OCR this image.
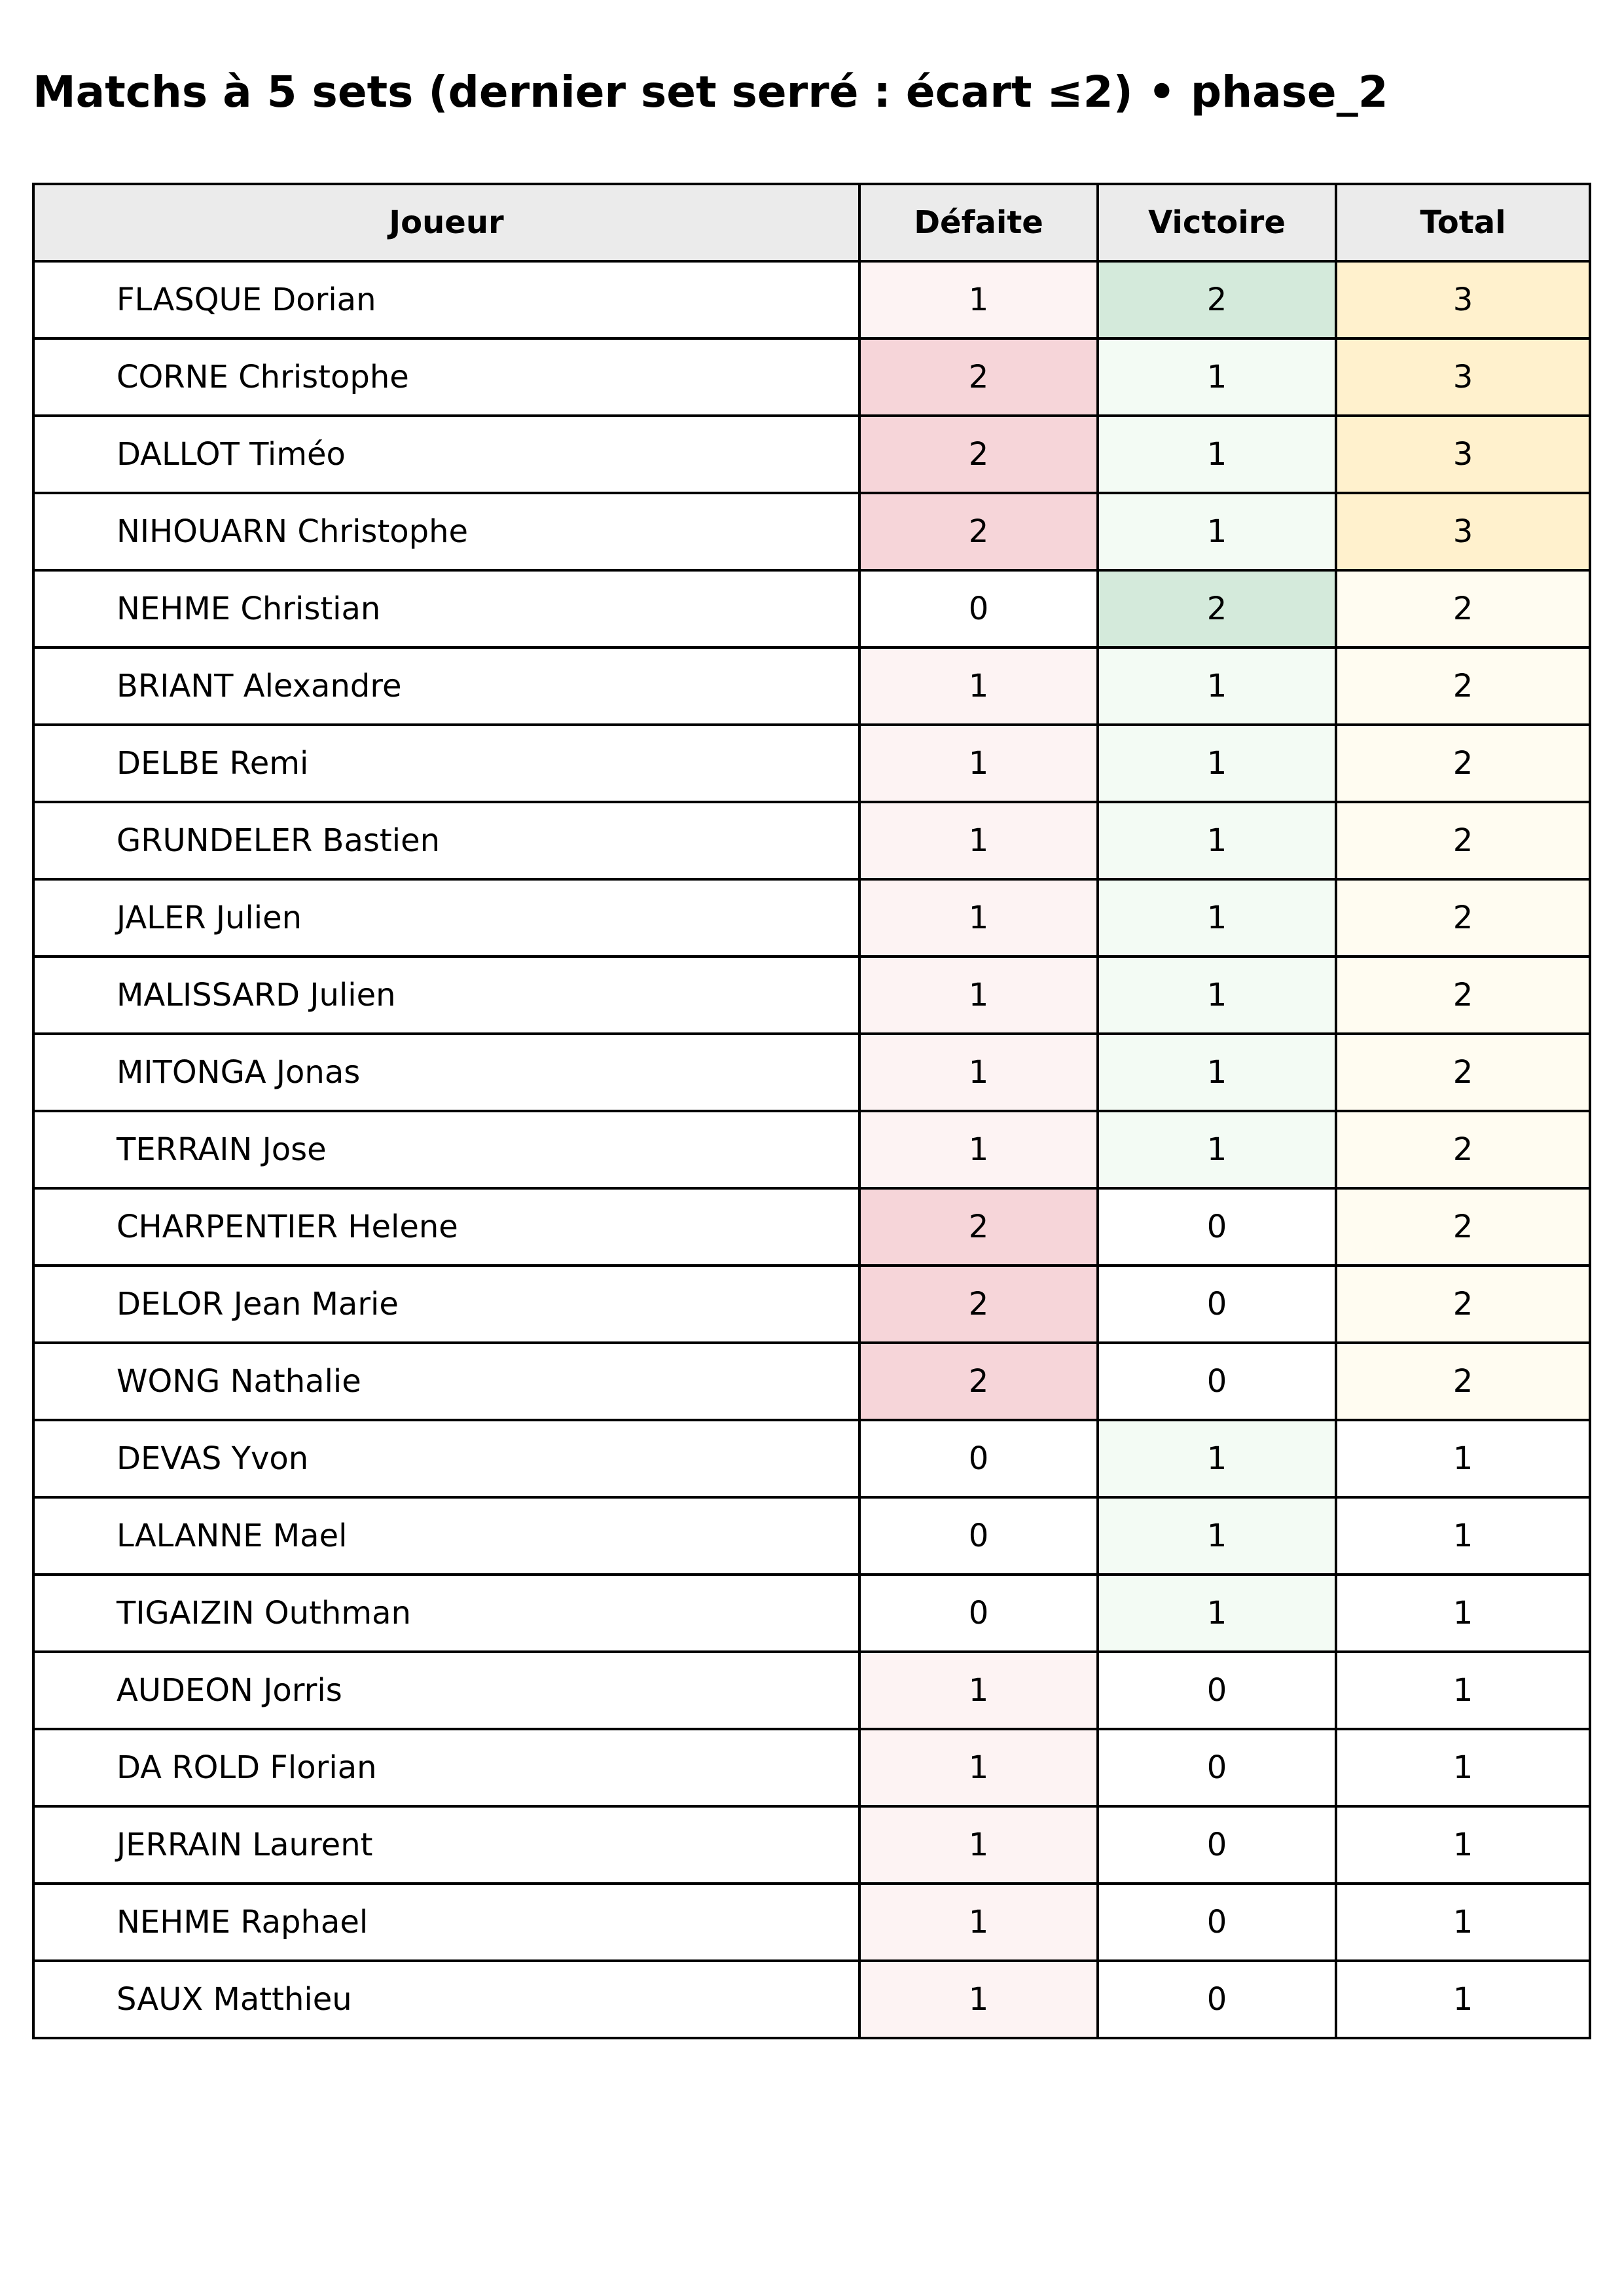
Matchs à 5 sets (dernier set serré : écart ≤2) • phase_2
Joueur	Défaite	Victoire	Total
FLASQUE Dorian	1	2	3
CORNE Christophe	2	1	3
DALLOT Timéo	2	1	3
NIHOUARN Christophe	2	1	3
NEHME Christian	0	2	2
BRIANT Alexandre	1	1	2
DELBE Remi	1	1	2
GRUNDELER Bastien	1	1	2
JALER Julien	1	1	2
MALISSARD Julien	1	1	2
MITONGA Jonas	1	1	2
TERRAIN Jose	1	1	2
CHARPENTIER Helene	2	0	2
DELOR Jean Marie	2	0	2
WONG Nathalie	2	0	2
DEVAS Yvon	0	1	1
LALANNE Mael	0	1	1
TIGAIZIN Outhman	0	1	1
AUDEON Jorris	1	0	1
DA ROLD Florian	1	0	1
JERRAIN Laurent	1	0	1
NEHME Raphael	1	0	1
SAUX Matthieu	1	0	1
